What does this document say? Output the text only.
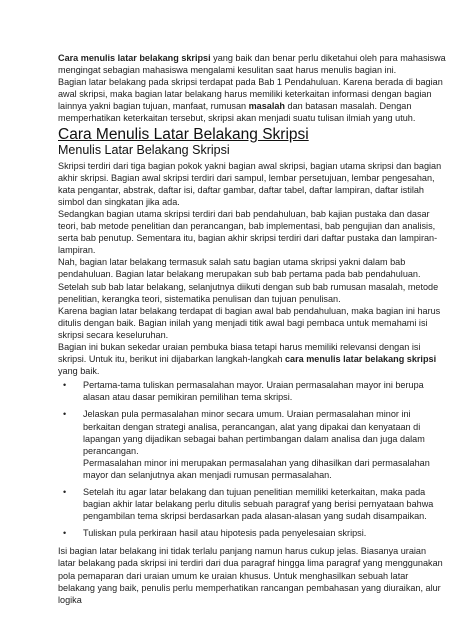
Cara menulis latar belakang skripsi yang baik dan benar perlu diketahui oleh para mahasiswa mengingat sebagian mahasiswa mengalami kesulitan saat harus menulis bagian ini.

Bagian latar belakang pada skripsi terdapat pada Bab 1 Pendahuluan. Karena berada di bagian awal skripsi, maka bagian latar belakang harus memiliki keterkaitan informasi dengan bagian lainnya yakni bagian tujuan, manfaat, rumusan masalah dan batasan masalah. Dengan memperhatikan keterkaitan tersebut, skripsi akan menjadi suatu tulisan ilmiah yang utuh.

Cara Menulis Latar Belakang Skripsi
Menulis Latar Belakang Skripsi

Skripsi terdiri dari tiga bagian pokok yakni bagian awal skripsi, bagian utama skripsi dan bagian akhir skripsi. Bagian awal skripsi terdiri dari sampul, lembar persetujuan, lembar pengesahan, kata pengantar, abstrak, daftar isi, daftar gambar, daftar tabel, daftar lampiran, daftar istilah simbol dan singkatan jika ada.

Sedangkan bagian utama skripsi terdiri dari bab pendahuluan, bab kajian pustaka dan dasar teori, bab metode penelitian dan perancangan, bab implementasi, bab pengujian dan analisis, serta bab penutup. Sementara itu, bagian akhir skripsi terdiri dari daftar pustaka dan lampiran-lampiran.

Nah, bagian latar belakang termasuk salah satu bagian utama skripsi yakni dalam bab pendahuluan. Bagian latar belakang merupakan sub bab pertama pada bab pendahuluan.

Setelah sub bab latar belakang, selanjutnya diikuti dengan sub bab rumusan masalah, metode penelitian, kerangka teori, sistematika penulisan dan tujuan penulisan.

Karena bagian latar belakang terdapat di bagian awal bab pendahuluan, maka bagian ini harus ditulis dengan baik. Bagian inilah yang menjadi titik awal bagi pembaca untuk memahami isi skripsi secara keseluruhan.

Bagian ini bukan sekedar uraian pembuka biasa tetapi harus memiliki relevansi dengan isi skripsi. Untuk itu, berikut ini dijabarkan langkah-langkah cara menulis latar belakang skripsi yang baik.

• Pertama-tama tuliskan permasalahan mayor. Uraian permasalahan mayor ini berupa alasan atau dasar pemikiran pemilihan tema skripsi.

• Jelaskan pula permasalahan minor secara umum. Uraian permasalahan minor ini berkaitan dengan strategi analisa, perancangan, alat yang dipakai dan kenyataan di lapangan yang dijadikan sebagai bahan pertimbangan dalam analisa dan juga dalam perancangan.

Permasalahan minor ini merupakan permasalahan yang dihasilkan dari permasalahan mayor dan selanjutnya akan menjadi rumusan permasalahan.

• Setelah itu agar latar belakang dan tujuan penelitian memiliki keterkaitan, maka pada bagian akhir latar belakang perlu ditulis sebuah paragraf yang berisi pernyataan bahwa pengambilan tema skripsi berdasarkan pada alasan-alasan yang sudah disampaikan.

• Tuliskan pula perkiraan hasil atau hipotesis pada penyelesaian skripsi.

Isi bagian latar belakang ini tidak terlalu panjang namun harus cukup jelas. Biasanya uraian latar belakang pada skripsi ini terdiri dari dua paragraf hingga lima paragraf yang menggunakan pola pemaparan dari uraian umum ke uraian khusus. Untuk menghasilkan sebuah latar belakang yang baik, penulis perlu memperhatikan rancangan pembahasan yang diuraikan, alur logika
